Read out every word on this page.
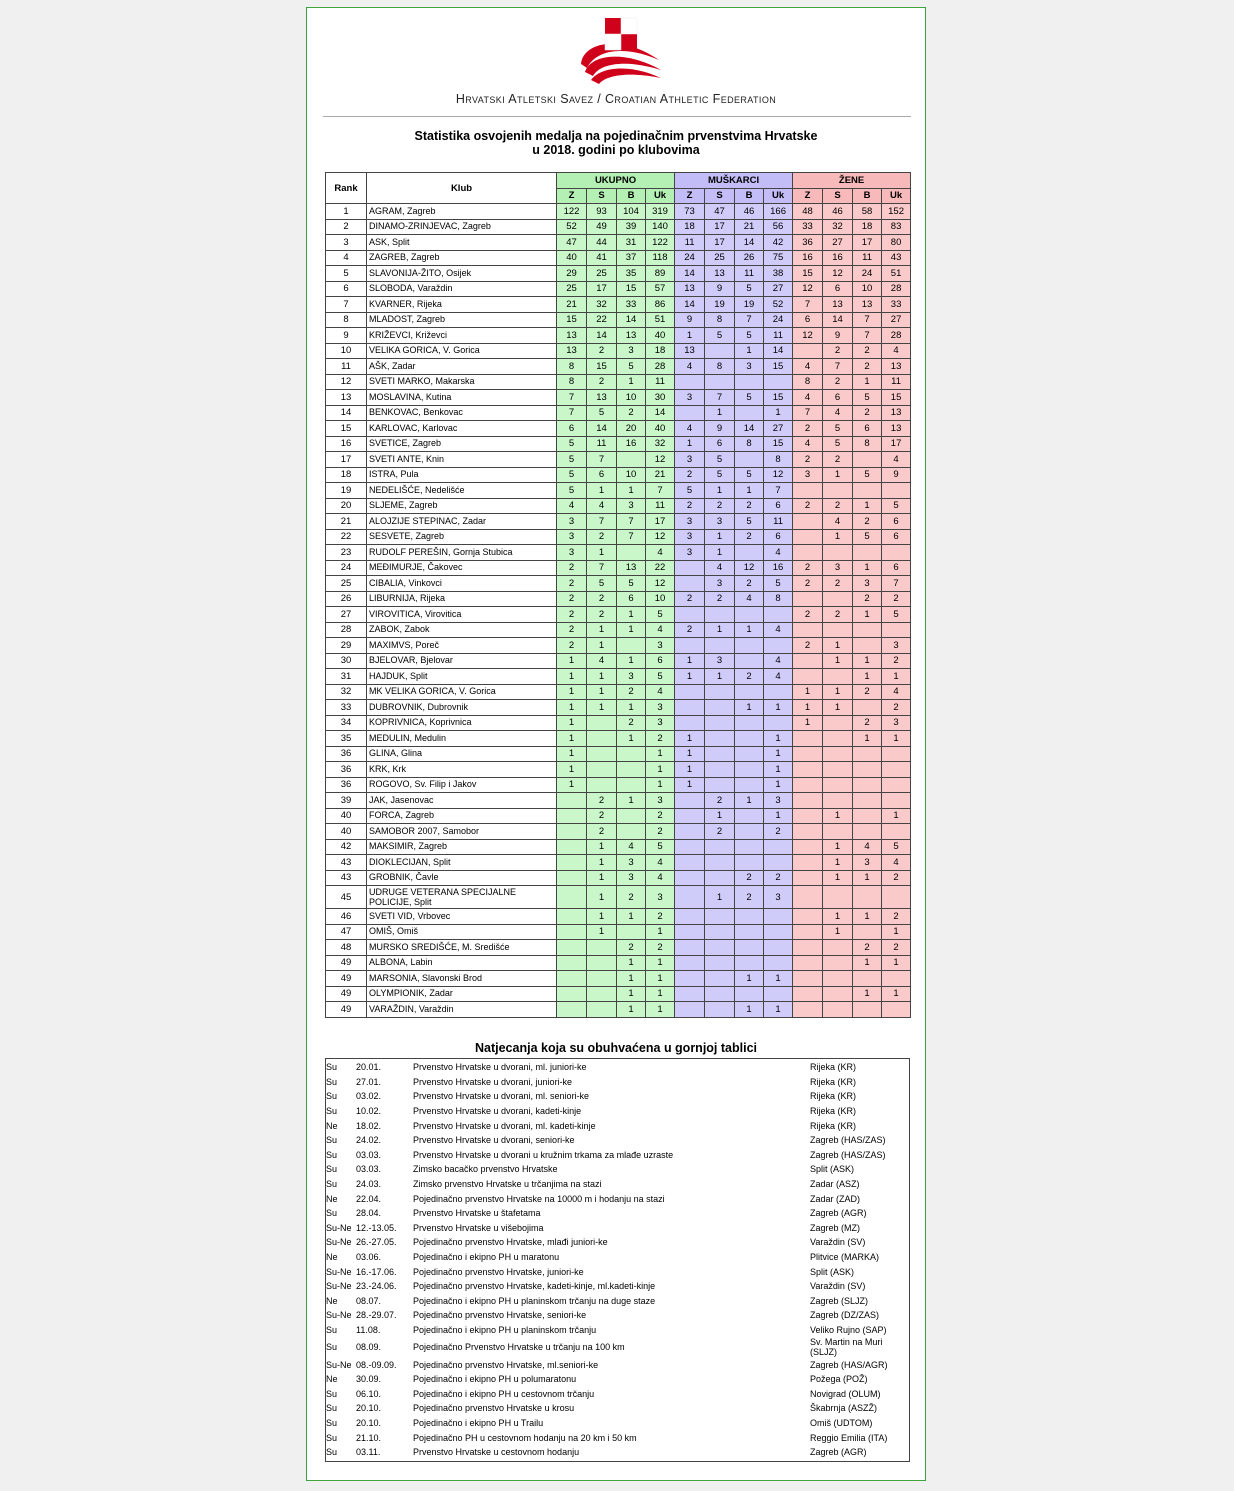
Hrvatski Atletski Savez / Croatian Athletic Federation
Statistika osvojenih medalja na pojedinačnim prvenstvima Hrvatske
u 2018. godini po klubovima
Rank	Klub	UKUPNO				MUŠKARCI				ŽENE			
		Z	S	B	Uk	Z	S	B	Uk	Z	S	B	Uk
1	AGRAM, Zagreb	122	93	104	319	73	47	46	166	48	46	58	152
2	DINAMO-ZRINJEVAC, Zagreb	52	49	39	140	18	17	21	56	33	32	18	83
3	ASK, Split	47	44	31	122	11	17	14	42	36	27	17	80
4	ZAGREB, Zagreb	40	41	37	118	24	25	26	75	16	16	11	43
5	SLAVONIJA-ŽITO, Osijek	29	25	35	89	14	13	11	38	15	12	24	51
6	SLOBODA, Varaždin	25	17	15	57	13	9	5	27	12	6	10	28
7	KVARNER, Rijeka	21	32	33	86	14	19	19	52	7	13	13	33
8	MLADOST, Zagreb	15	22	14	51	9	8	7	24	6	14	7	27
9	KRIŽEVCI, Križevci	13	14	13	40	1	5	5	11	12	9	7	28
10	VELIKA GORICA, V. Gorica	13	2	3	18	13		1	14		2	2	4
11	AŠK, Zadar	8	15	5	28	4	8	3	15	4	7	2	13
12	SVETI MARKO, Makarska	8	2	1	11					8	2	1	11
13	MOSLAVINA, Kutina	7	13	10	30	3	7	5	15	4	6	5	15
14	BENKOVAC, Benkovac	7	5	2	14		1		1	7	4	2	13
15	KARLOVAC, Karlovac	6	14	20	40	4	9	14	27	2	5	6	13
16	SVETICE, Zagreb	5	11	16	32	1	6	8	15	4	5	8	17
17	SVETI ANTE, Knin	5	7		12	3	5		8	2	2		4
18	ISTRA, Pula	5	6	10	21	2	5	5	12	3	1	5	9
19	NEDELIŠĆE, Nedelišće	5	1	1	7	5	1	1	7				
20	SLJEME, Zagreb	4	4	3	11	2	2	2	6	2	2	1	5
21	ALOJZIJE STEPINAC, Zadar	3	7	7	17	3	3	5	11		4	2	6
22	SESVETE, Zagreb	3	2	7	12	3	1	2	6		1	5	6
23	RUDOLF PEREŠIN, Gornja Stubica	3	1		4	3	1		4				
24	MEĐIMURJE, Čakovec	2	7	13	22		4	12	16	2	3	1	6
25	CIBALIA, Vinkovci	2	5	5	12		3	2	5	2	2	3	7
26	LIBURNIJA, Rijeka	2	2	6	10	2	2	4	8			2	2
27	VIROVITICA, Virovitica	2	2	1	5					2	2	1	5
28	ZABOK, Zabok	2	1	1	4	2	1	1	4				
29	MAXIMVS, Poreč	2	1		3					2	1		3
30	BJELOVAR, Bjelovar	1	4	1	6	1	3		4		1	1	2
31	HAJDUK, Split	1	1	3	5	1	1	2	4			1	1
32	MK VELIKA GORICA, V. Gorica	1	1	2	4					1	1	2	4
33	DUBROVNIK, Dubrovnik	1	1	1	3			1	1	1	1		2
34	KOPRIVNICA, Koprivnica	1		2	3					1		2	3
35	MEDULIN, Medulin	1		1	2	1			1			1	1
36	GLINA, Glina	1			1	1			1				
36	KRK, Krk	1			1	1			1				
36	ROGOVO, Sv. Filip i Jakov	1			1	1			1				
39	JAK, Jasenovac		2	1	3		2	1	3				
40	FORCA, Zagreb		2		2		1		1		1		1
40	SAMOBOR 2007, Samobor		2		2		2		2				
42	MAKSIMIR, Zagreb		1	4	5						1	4	5
43	DIOKLECIJAN, Split		1	3	4						1	3	4
43	GROBNIK, Čavle		1	3	4			2	2		1	1	2
45	UDRUGE VETERANA SPECIJALNE POLICIJE, Split		1	2	3		1	2	3				
46	SVETI VID, Vrbovec		1	1	2						1	1	2
47	OMIŠ, Omiš		1		1						1		1
48	MURSKO SREDIŠĆE, M. Središće			2	2							2	2
49	ALBONA, Labin			1	1							1	1
49	MARSONIA, Slavonski Brod			1	1			1	1				
49	OLYMPIONIK, Zadar			1	1							1	1
49	VARAŽDIN, Varaždin			1	1			1	1				
Natjecanja koja su obuhvaćena u gornjoj tablici
Su	20.01.	Prvenstvo Hrvatske u dvorani, ml. juniori-ke	Rijeka (KR)
Su	27.01.	Prvenstvo Hrvatske u dvorani, juniori-ke	Rijeka (KR)
Su	03.02.	Prvenstvo Hrvatske u dvorani, ml. seniori-ke	Rijeka (KR)
Su	10.02.	Prvenstvo Hrvatske u dvorani, kadeti-kinje	Rijeka (KR)
Ne	18.02.	Prvenstvo Hrvatske u dvorani, ml. kadeti-kinje	Rijeka (KR)
Su	24.02.	Prvenstvo Hrvatske u dvorani, seniori-ke	Zagreb (HAS/ZAS)
Su	03.03.	Prvenstvo Hrvatske u dvorani u kružnim trkama za mlađe uzraste	Zagreb (HAS/ZAS)
Su	03.03.	Zimsko bacačko prvenstvo Hrvatske	Split (ASK)
Su	24.03.	Zimsko prvenstvo Hrvatske u trčanjima na stazi	Zadar (ASZ)
Ne	22.04.	Pojedinačno prvenstvo Hrvatske na 10000 m i hodanju na stazi	Zadar (ZAD)
Su	28.04.	Prvenstvo Hrvatske u štafetama	Zagreb (AGR)
Su-Ne	12.-13.05.	Prvenstvo Hrvatske u višebojima	Zagreb (MZ)
Su-Ne	26.-27.05.	Pojedinačno prvenstvo Hrvatske, mlađi juniori-ke	Varaždin (SV)
Ne	03.06.	Pojedinačno i ekipno PH u maratonu	Plitvice (MARKA)
Su-Ne	16.-17.06.	Pojedinačno prvenstvo Hrvatske, juniori-ke	Split (ASK)
Su-Ne	23.-24.06.	Pojedinačno prvenstvo Hrvatske, kadeti-kinje, ml.kadeti-kinje	Varaždin (SV)
Ne	08.07.	Pojedinačno i ekipno PH u planinskom trčanju na duge staze	Zagreb (SLJZ)
Su-Ne	28.-29.07.	Pojedinačno prvenstvo Hrvatske, seniori-ke	Zagreb (DZ/ZAS)
Su	11.08.	Pojedinačno i ekipno PH u planinskom trčanju	Veliko Rujno (SAP)
Su	08.09.	Pojedinačno Prvenstvo Hrvatske u trčanju na 100 km	Sv. Martin na Muri (SLJZ)
Su-Ne	08.-09.09.	Pojedinačno prvenstvo Hrvatske, ml.seniori-ke	Zagreb (HAS/AGR)
Ne	30.09.	Pojedinačno i ekipno PH u polumaratonu	Požega (POŽ)
Su	06.10.	Pojedinačno i ekipno PH u cestovnom trčanju	Novigrad (OLUM)
Su	20.10.	Pojedinačno prvenstvo Hrvatske u krosu	Škabrnja (ASZŽ)
Su	20.10.	Pojedinačno i ekipno PH u Trailu	Omiš (UDTOM)
Su	21.10.	Pojedinačno PH u cestovnom hodanju na 20 km i 50 km	Reggio Emilia (ITA)
Su	03.11.	Prvenstvo Hrvatske u cestovnom hodanju	Zagreb (AGR)
